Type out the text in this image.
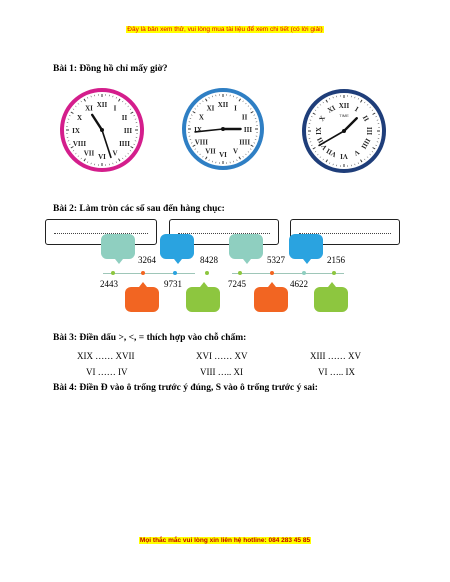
Đây là bản xem thử, vui lòng mua tài liệu để xem chi tiết (có lời giải)
Bài 1: Đồng hồ chỉ mấy giờ?
XII I
II
III
IIII
V
VI
VII
VIII
IX
X
XI	XII I
II
III
IIII
V
VI
VII
VIII
IX
X
XI	XII I
II
III
IIII
V
VI
VII
IX
X
XI
TIME
Bài 2: Làm tròn các số sau đến hàng chục:
3264	8428	5327	2156
2443	9731	7245	4622
Bài 3: Điền dấu >, <, = thích hợp vào chỗ chấm:
XIX …… XVII	XVI …… XV	XIII …… XV
VI …… IV	VIII ….. XI	VI ….. IX
Bài 4: Điền Đ vào ô trống trước ý đúng, S vào ô trống trước ý sai:
Mọi thắc mắc vui lòng xin liên hệ hotline: 084 283 45 85
